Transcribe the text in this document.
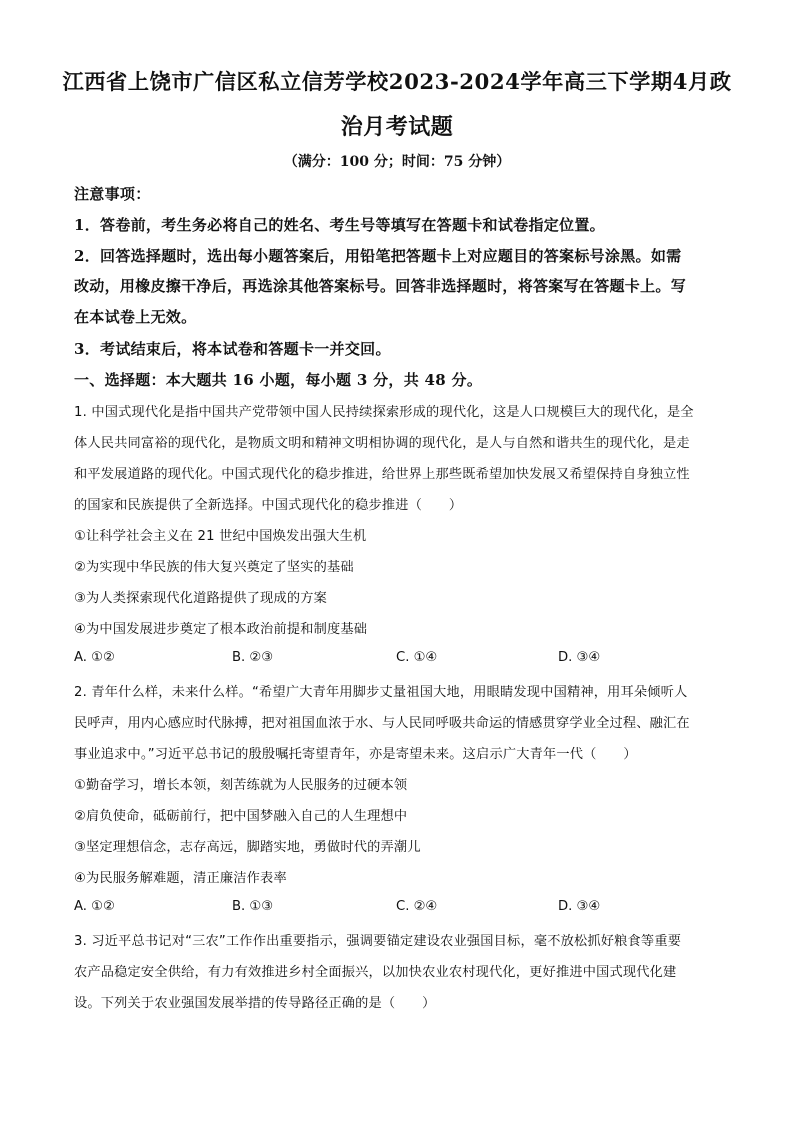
江西省上饶市广信区私立信芳学校2023-2024学年高三下学期4月政
治月考试题
（满分：100 分；时间：75 分钟）
注意事项：
1．答卷前，考生务必将自己的姓名、考生号等填写在答题卡和试卷指定位置。
2．回答选择题时，选出每小题答案后，用铅笔把答题卡上对应题目的答案标号涂黑。如需
改动，用橡皮擦干净后，再选涂其他答案标号。回答非选择题时，将答案写在答题卡上。写
在本试卷上无效。
3．考试结束后，将本试卷和答题卡一并交回。
一、选择题：本大题共 16 小题，每小题 3 分，共 48 分。
1. 中国式现代化是指中国共产党带领中国人民持续探索形成的现代化，这是人口规模巨大的现代化，是全
体人民共同富裕的现代化，是物质文明和精神文明相协调的现代化，是人与自然和谐共生的现代化，是走
和平发展道路的现代化。中国式现代化的稳步推进，给世界上那些既希望加快发展又希望保持自身独立性
的国家和民族提供了全新选择。中国式现代化的稳步推进（　　）
①让科学社会主义在 21 世纪中国焕发出强大生机
②为实现中华民族的伟大复兴奠定了坚实的基础
③为人类探索现代化道路提供了现成的方案
④为中国发展进步奠定了根本政治前提和制度基础
A. ①②	B. ②③	C. ①④	D. ③④
2. 青年什么样，未来什么样。“希望广大青年用脚步丈量祖国大地，用眼睛发现中国精神，用耳朵倾听人
民呼声，用内心感应时代脉搏，把对祖国血浓于水、与人民同呼吸共命运的情感贯穿学业全过程、融汇在
事业追求中。”习近平总书记的殷殷嘱托寄望青年，亦是寄望未来。这启示广大青年一代（　　）
①勤奋学习，增长本领，刻苦练就为人民服务的过硬本领
②肩负使命，砥砺前行，把中国梦融入自己的人生理想中
③坚定理想信念，志存高远，脚踏实地，勇做时代的弄潮儿
④为民服务解难题，清正廉洁作表率
A. ①②	B. ①③	C. ②④	D. ③④
3. 习近平总书记对“三农”工作作出重要指示，强调要锚定建设农业强国目标，毫不放松抓好粮食等重要
农产品稳定安全供给，有力有效推进乡村全面振兴，以加快农业农村现代化，更好推进中国式现代化建
设。下列关于农业强国发展举措的传导路径正确的是（　　）
